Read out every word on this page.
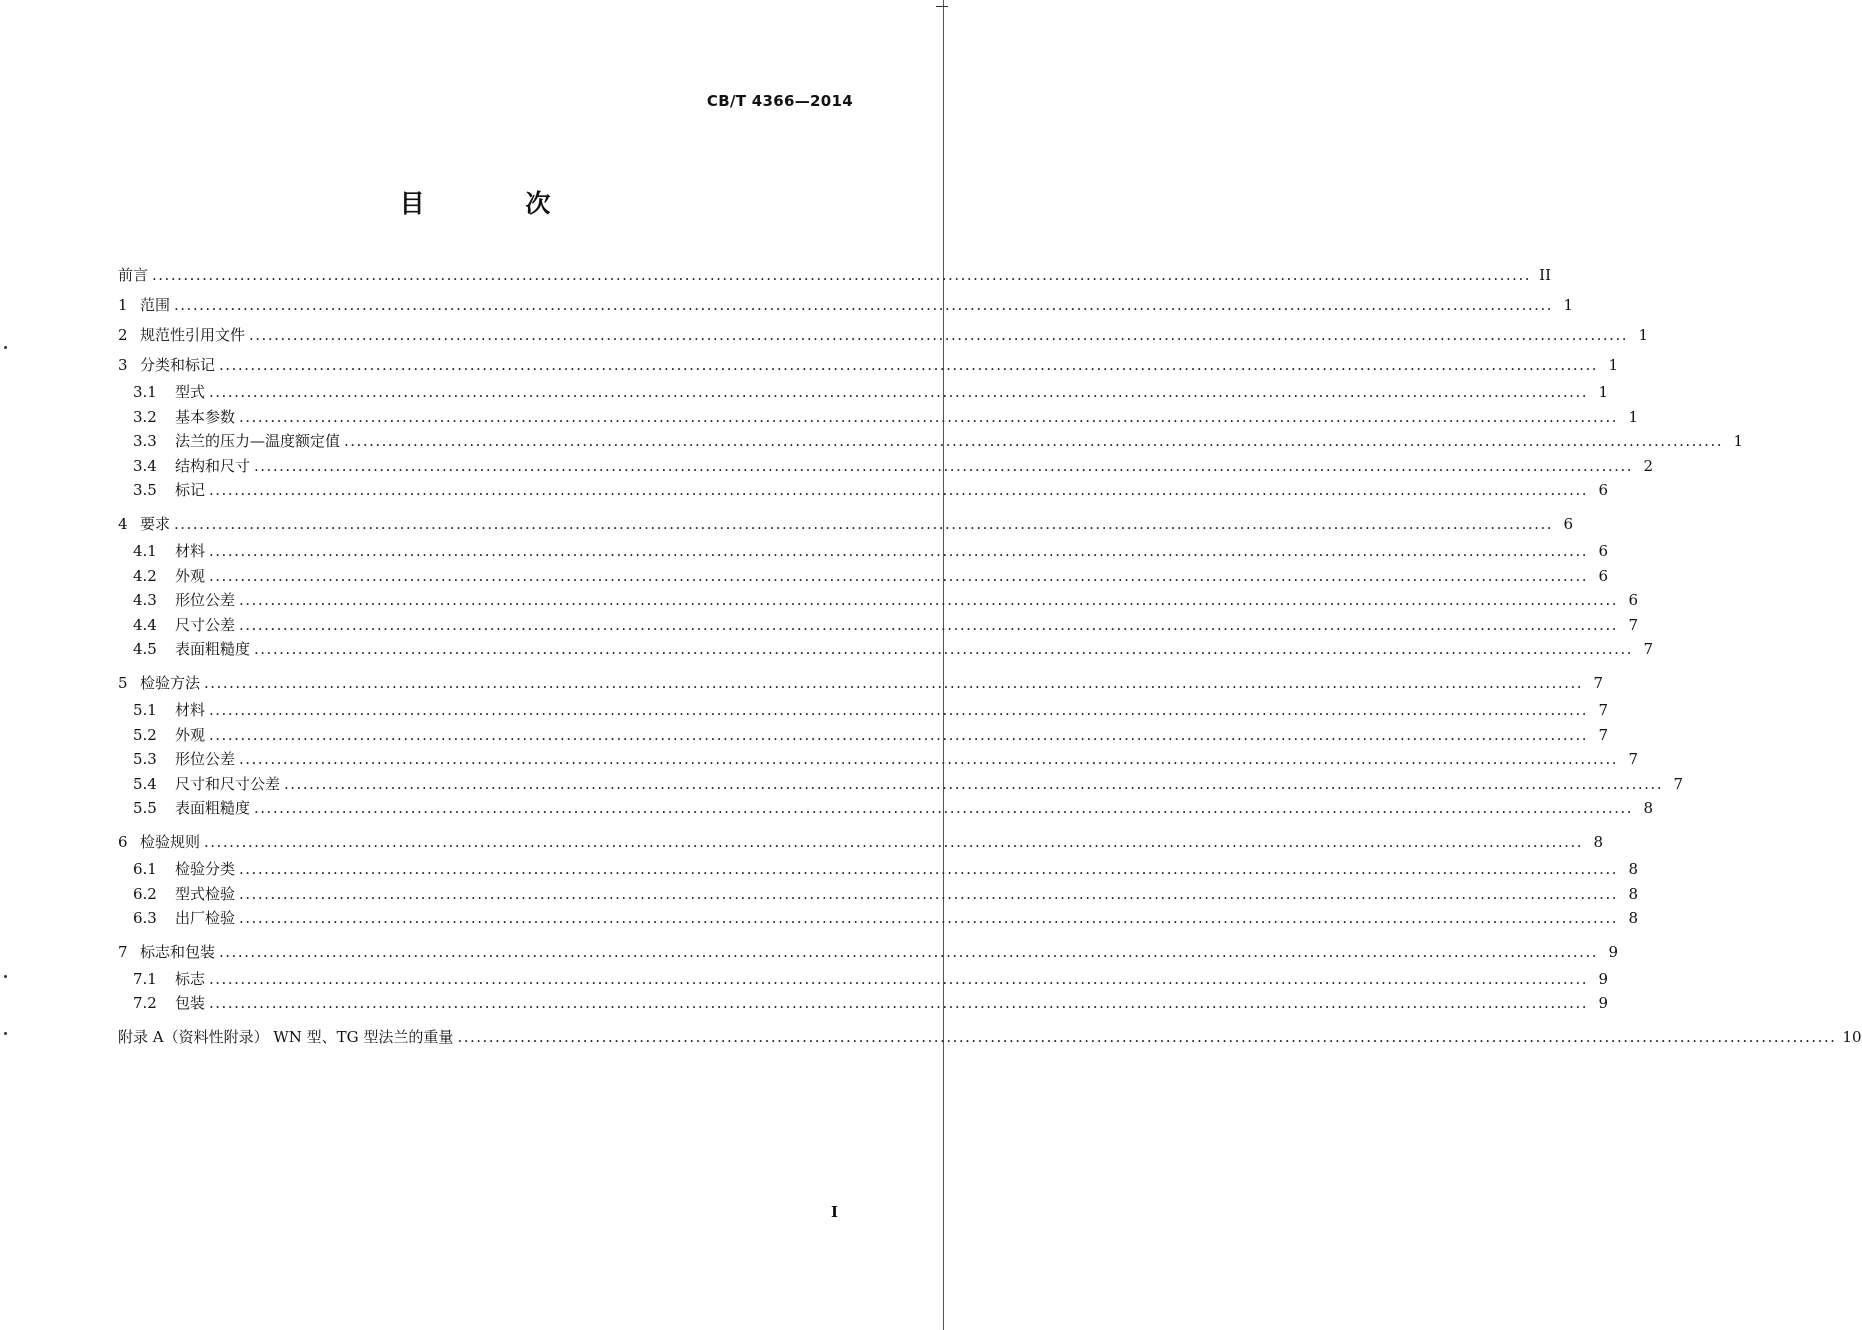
CB/T 4366—2014
目 次
前言 ............................................................................................................................................................................................................................ II
1 范围 ............................................................................................................................................................................................................................ 1
2 规范性引用文件 ............................................................................................................................................................................................................................ 1
3 分类和标记 ............................................................................................................................................................................................................................ 1
3.1	型式 ............................................................................................................................................................................................................................ 1
3.2	基本参数 ............................................................................................................................................................................................................................ 1
3.3	法兰的压力—温度额定值 ............................................................................................................................................................................................................................ 1
3.4	结构和尺寸 ............................................................................................................................................................................................................................ 2
3.5	标记 ............................................................................................................................................................................................................................ 6
4 要求 ............................................................................................................................................................................................................................ 6
4.1	材料 ............................................................................................................................................................................................................................ 6
4.2	外观 ............................................................................................................................................................................................................................ 6
4.3	形位公差 ............................................................................................................................................................................................................................ 6
4.4	尺寸公差 ............................................................................................................................................................................................................................ 7
4.5	表面粗糙度 ............................................................................................................................................................................................................................ 7
5 检验方法 ............................................................................................................................................................................................................................ 7
5.1	材料 ............................................................................................................................................................................................................................ 7
5.2	外观 ............................................................................................................................................................................................................................ 7
5.3	形位公差 ............................................................................................................................................................................................................................ 7
5.4	尺寸和尺寸公差 ............................................................................................................................................................................................................................ 7
5.5	表面粗糙度 ............................................................................................................................................................................................................................ 8
6 检验规则 ............................................................................................................................................................................................................................ 8
6.1	检验分类 ............................................................................................................................................................................................................................ 8
6.2	型式检验 ............................................................................................................................................................................................................................ 8
6.3	出厂检验 ............................................................................................................................................................................................................................ 8
7 标志和包装 ............................................................................................................................................................................................................................ 9
7.1	标志 ............................................................................................................................................................................................................................ 9
7.2	包装 ............................................................................................................................................................................................................................ 9
附录 A（资料性附录） WN 型、TG 型法兰的重量 ............................................................................................................................................................................................................................ 10
I
